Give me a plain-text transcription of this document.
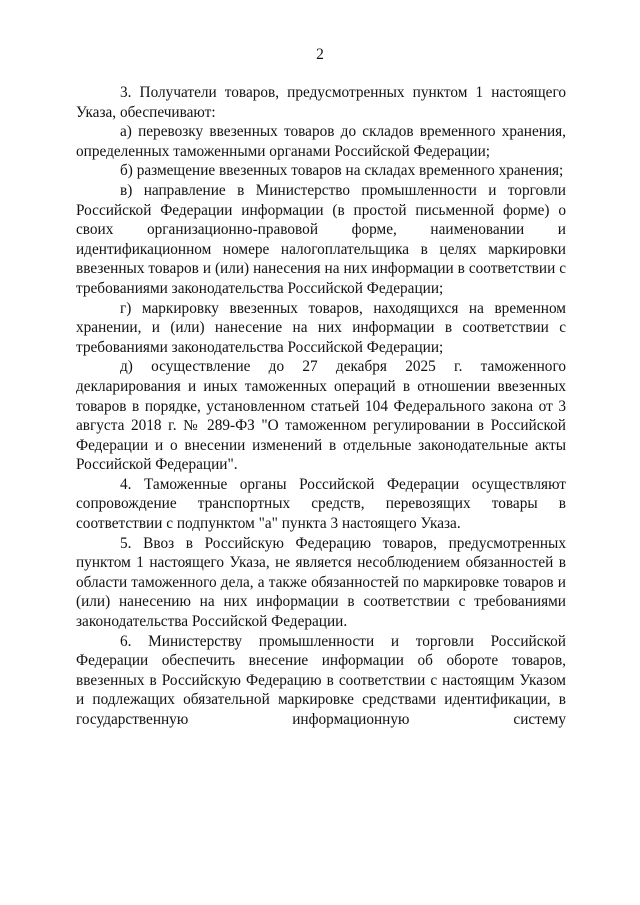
2

3. Получатели товаров, предусмотренных пунктом 1 настоящего Указа, обеспечивают:

а) перевозку ввезенных товаров до складов временного хранения, определенных таможенными органами Российской Федерации;

б) размещение ввезенных товаров на складах временного хранения;

в) направление в Министерство промышленности и торговли Российской Федерации информации (в простой письменной форме) о своих организационно-правовой форме, наименовании и идентификационном номере налогоплательщика в целях маркировки ввезенных товаров и (или) нанесения на них информации в соответствии с требованиями законодательства Российской Федерации;

г) маркировку ввезенных товаров, находящихся на временном хранении, и (или) нанесение на них информации в соответствии с требованиями законодательства Российской Федерации;

д) осуществление до 27 декабря 2025 г. таможенного декларирования и иных таможенных операций в отношении ввезенных товаров в порядке, установленном статьей 104 Федерального закона от 3 августа 2018 г. № 289-ФЗ "О таможенном регулировании в Российской Федерации и о внесении изменений в отдельные законодательные акты Российской Федерации".

4. Таможенные органы Российской Федерации осуществляют сопровождение транспортных средств, перевозящих товары в соответствии с подпунктом "а" пункта 3 настоящего Указа.

5. Ввоз в Российскую Федерацию товаров, предусмотренных пунктом 1 настоящего Указа, не является несоблюдением обязанностей в области таможенного дела, а также обязанностей по маркировке товаров и (или) нанесению на них информации в соответствии с требованиями законодательства Российской Федерации.

6. Министерству промышленности и торговли Российской Федерации обеспечить внесение информации об обороте товаров, ввезенных в Российскую Федерацию в соответствии с настоящим Указом и подлежащих обязательной маркировке средствами идентификации, в государственную информационную систему
